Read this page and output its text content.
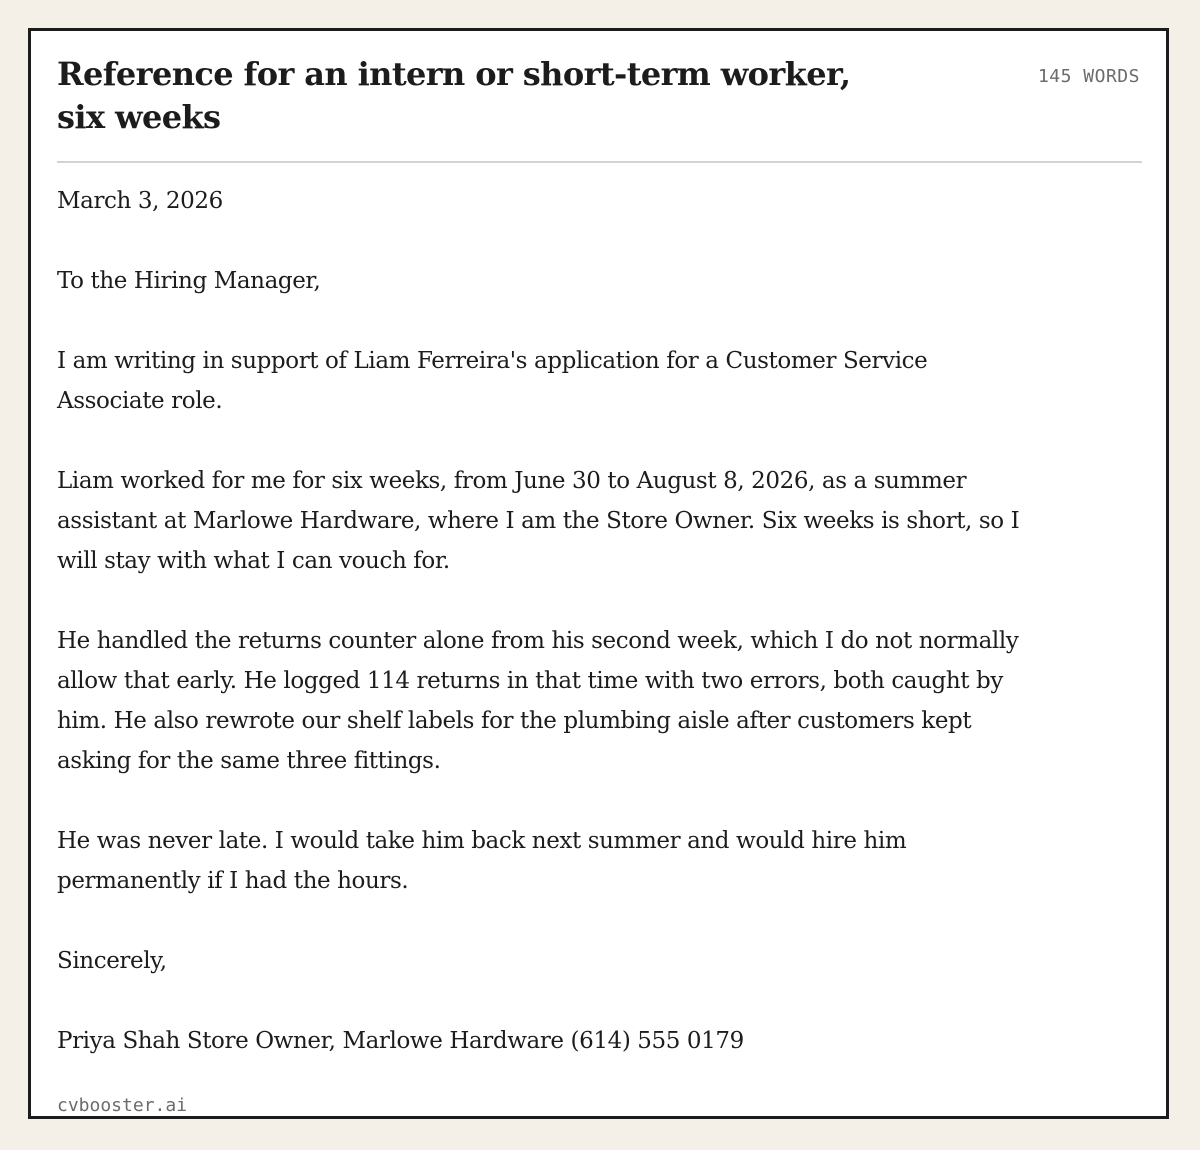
Reference for an intern or short-term worker,
six weeks
145 WORDS

March 3, 2026

To the Hiring Manager,

I am writing in support of Liam Ferreira's application for a Customer Service Associate role.

Liam worked for me for six weeks, from June 30 to August 8, 2026, as a summer assistant at Marlowe Hardware, where I am the Store Owner. Six weeks is short, so I will stay with what I can vouch for.

He handled the returns counter alone from his second week, which I do not normally allow that early. He logged 114 returns in that time with two errors, both caught by him. He also rewrote our shelf labels for the plumbing aisle after customers kept asking for the same three fittings.

He was never late. I would take him back next summer and would hire him permanently if I had the hours.

Sincerely,

Priya Shah Store Owner, Marlowe Hardware (614) 555 0179

cvbooster.ai
